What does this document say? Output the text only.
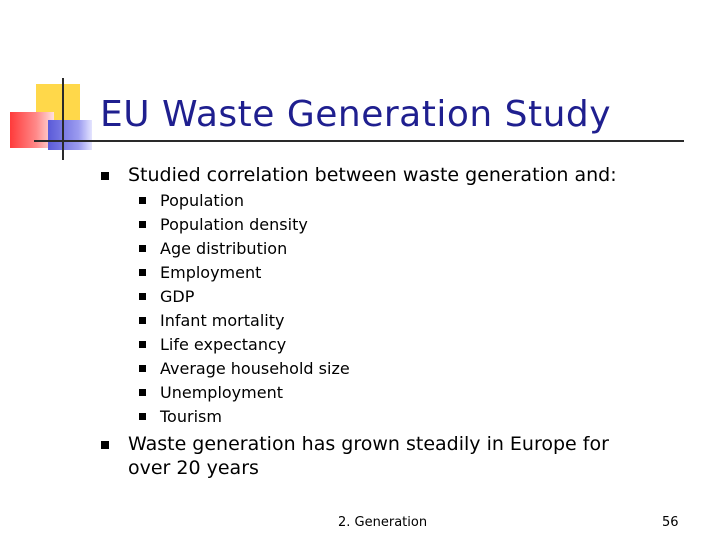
EU Waste Generation Study
Studied correlation between waste generation and:
Population
Population density
Age distribution
Employment
GDP
Infant mortality
Life expectancy
Average household size
Unemployment
Tourism
Waste generation has grown steadily in Europe for over 20 years
2. Generation	56
